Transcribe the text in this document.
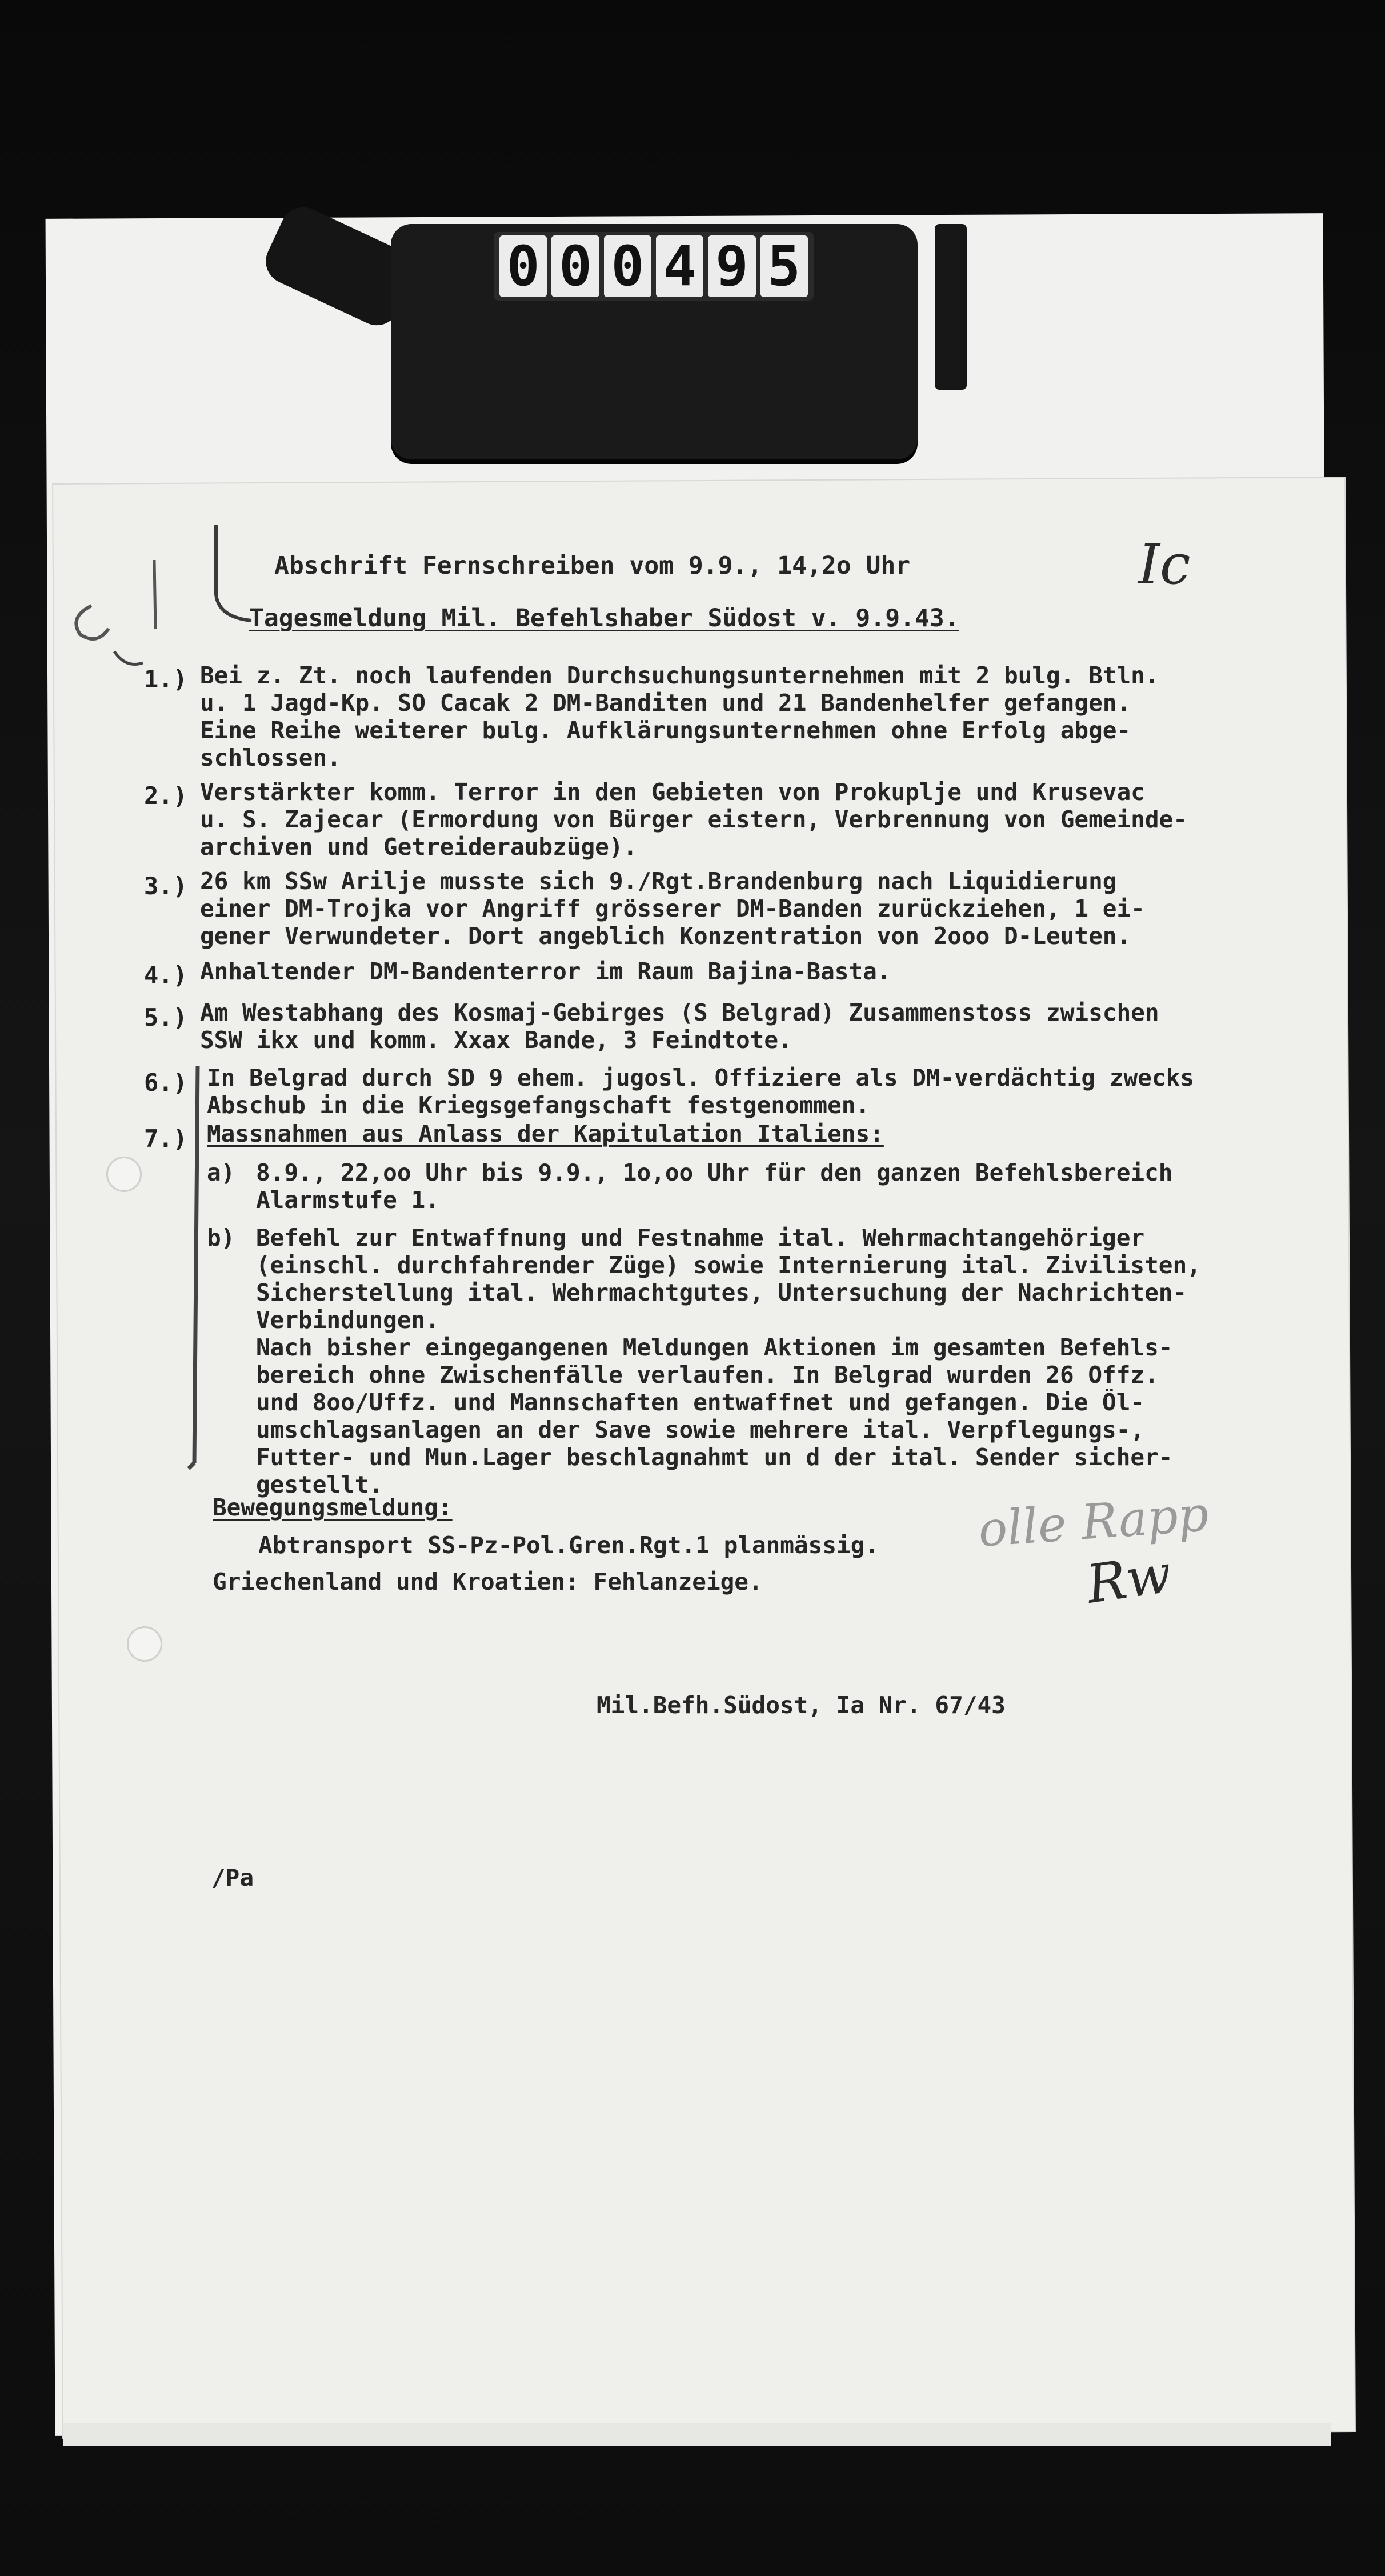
0 0 0 4 9 5
Abschrift Fernschreiben vom 9.9., 14,2o Uhr	Ic
Tagesmeldung Mil. Befehlshaber Südost v. 9.9.43.
1.) Bei z. Zt. noch laufenden Durchsuchungsunternehmen mit 2 bulg. Btln.
u. 1 Jagd-Kp. SO Cacak 2 DM-Banditen und 21 Bandenhelfer gefangen.
Eine Reihe weiterer bulg. Aufklärungsunternehmen ohne Erfolg abge-
schlossen.
2.) Verstärkter komm. Terror in den Gebieten von Prokuplje und Krusevac
u. S. Zajecar (Ermordung von Bürger eistern, Verbrennung von Gemeinde-
archiven und Getreideraubzüge).
3.) 26 km SSw Arilje musste sich 9./Rgt.Brandenburg nach Liquidierung
einer DM-Trojka vor Angriff grösserer DM-Banden zurückziehen, 1 ei-
gener Verwundeter. Dort angeblich Konzentration von 2ooo D-Leuten.
4.) Anhaltender DM-Bandenterror im Raum Bajina-Basta.
5.) Am Westabhang des Kosmaj-Gebirges (S Belgrad) Zusammenstoss zwischen
SSW ikx und komm. Xxax Bande, 3 Feindtote.
6.) In Belgrad durch SD 9 ehem. jugosl. Offiziere als DM-verdächtig zwecks
Abschub in die Kriegsgefangschaft festgenommen.
7.) Massnahmen aus Anlass der Kapitulation Italiens:
a) 8.9., 22,oo Uhr bis 9.9., 1o,oo Uhr für den ganzen Befehlsbereich
Alarmstufe 1.
b) Befehl zur Entwaffnung und Festnahme ital. Wehrmachtangehöriger
(einschl. durchfahrender Züge) sowie Internierung ital. Zivilisten,
Sicherstellung ital. Wehrmachtgutes, Untersuchung der Nachrichten-
Verbindungen.
Nach bisher eingegangenen Meldungen Aktionen im gesamten Befehls-
bereich ohne Zwischenfälle verlaufen. In Belgrad wurden 26 Offz.
und 8oo/Uffz. und Mannschaften entwaffnet und gefangen. Die Öl-
umschlagsanlagen an der Save sowie mehrere ital. Verpflegungs-,
Futter- und Mun.Lager beschlagnahmt un d der ital. Sender sicher-
gestellt.
Bewegungsmeldung:
Abtransport SS-Pz-Pol.Gren.Rgt.1 planmässig.
Griechenland und Kroatien: Fehlanzeige.
olle Rapp
Rw
Mil.Befh.Südost, Ia Nr. 67/43
/Pa
